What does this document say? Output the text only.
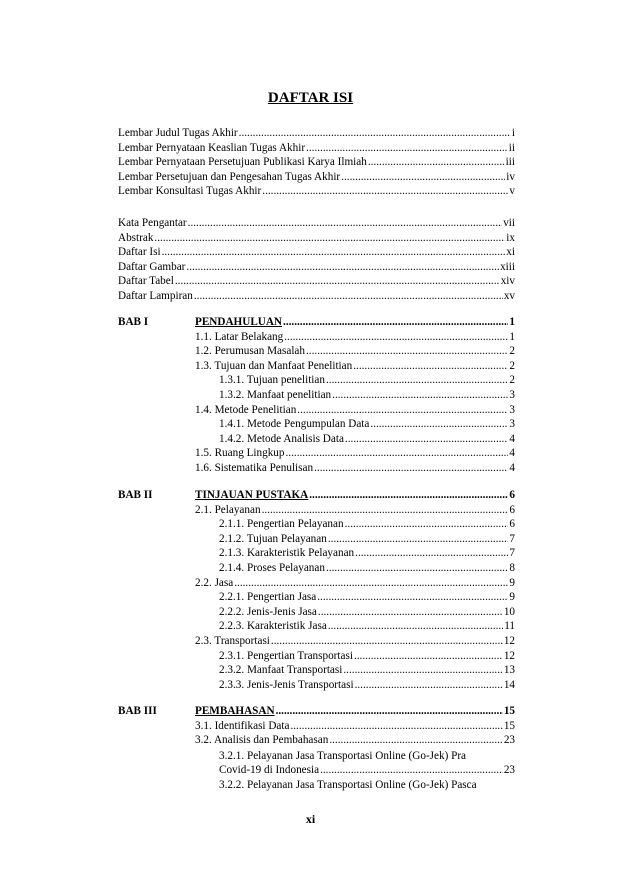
DAFTAR ISI
Lembar Judul Tugas Akhir .....	i
Lembar Pernyataan Keaslian Tugas Akhir .....	ii
Lembar Pernyataan Persetujuan Publikasi Karya Ilmiah .....	iii
Lembar Persetujuan dan Pengesahan Tugas Akhir .....	iv
Lembar Konsultasi Tugas Akhir .....	v
Kata Pengantar .....	vii
Abstrak .....	ix
Daftar Isi .....	xi
Daftar Gambar .....	xiii
Daftar Tabel .....	xiv
Daftar Lampiran .....	xv
BAB I	PENDAHULUAN .....	1
1.1. Latar Belakang .....	1
1.2. Perumusan Masalah .....	2
1.3. Tujuan dan Manfaat Penelitian .....	2
1.3.1. Tujuan penelitian .....	2
1.3.2. Manfaat penelitian .....	3
1.4. Metode Penelitian .....	3
1.4.1. Metode Pengumpulan Data .....	3
1.4.2. Metode Analisis Data .....	4
1.5. Ruang Lingkup .....	4
1.6. Sistematika Penulisan .....	4
BAB II	TINJAUAN PUSTAKA .....	6
2.1. Pelayanan .....	6
2.1.1. Pengertian Pelayanan .....	6
2.1.2. Tujuan Pelayanan .....	7
2.1.3. Karakteristik Pelayanan .....	7
2.1.4. Proses Pelayanan .....	8
2.2. Jasa .....	9
2.2.1. Pengertian Jasa .....	9
2.2.2. Jenis-Jenis Jasa .....	10
2.2.3. Karakteristik Jasa .....	11
2.3. Transportasi .....	12
2.3.1. Pengertian Transportasi .....	12
2.3.2. Manfaat Transportasi .....	13
2.3.3. Jenis-Jenis Transportasi .....	14
BAB III	PEMBAHASAN .....	15
3.1. Identifikasi Data .....	15
3.2. Analisis dan Pembahasan .....	23
3.2.1. Pelayanan Jasa Transportasi Online (Go-Jek) Pra
Covid-19 di Indonesia .....	23
3.2.2. Pelayanan Jasa Transportasi Online (Go-Jek) Pasca
xi
